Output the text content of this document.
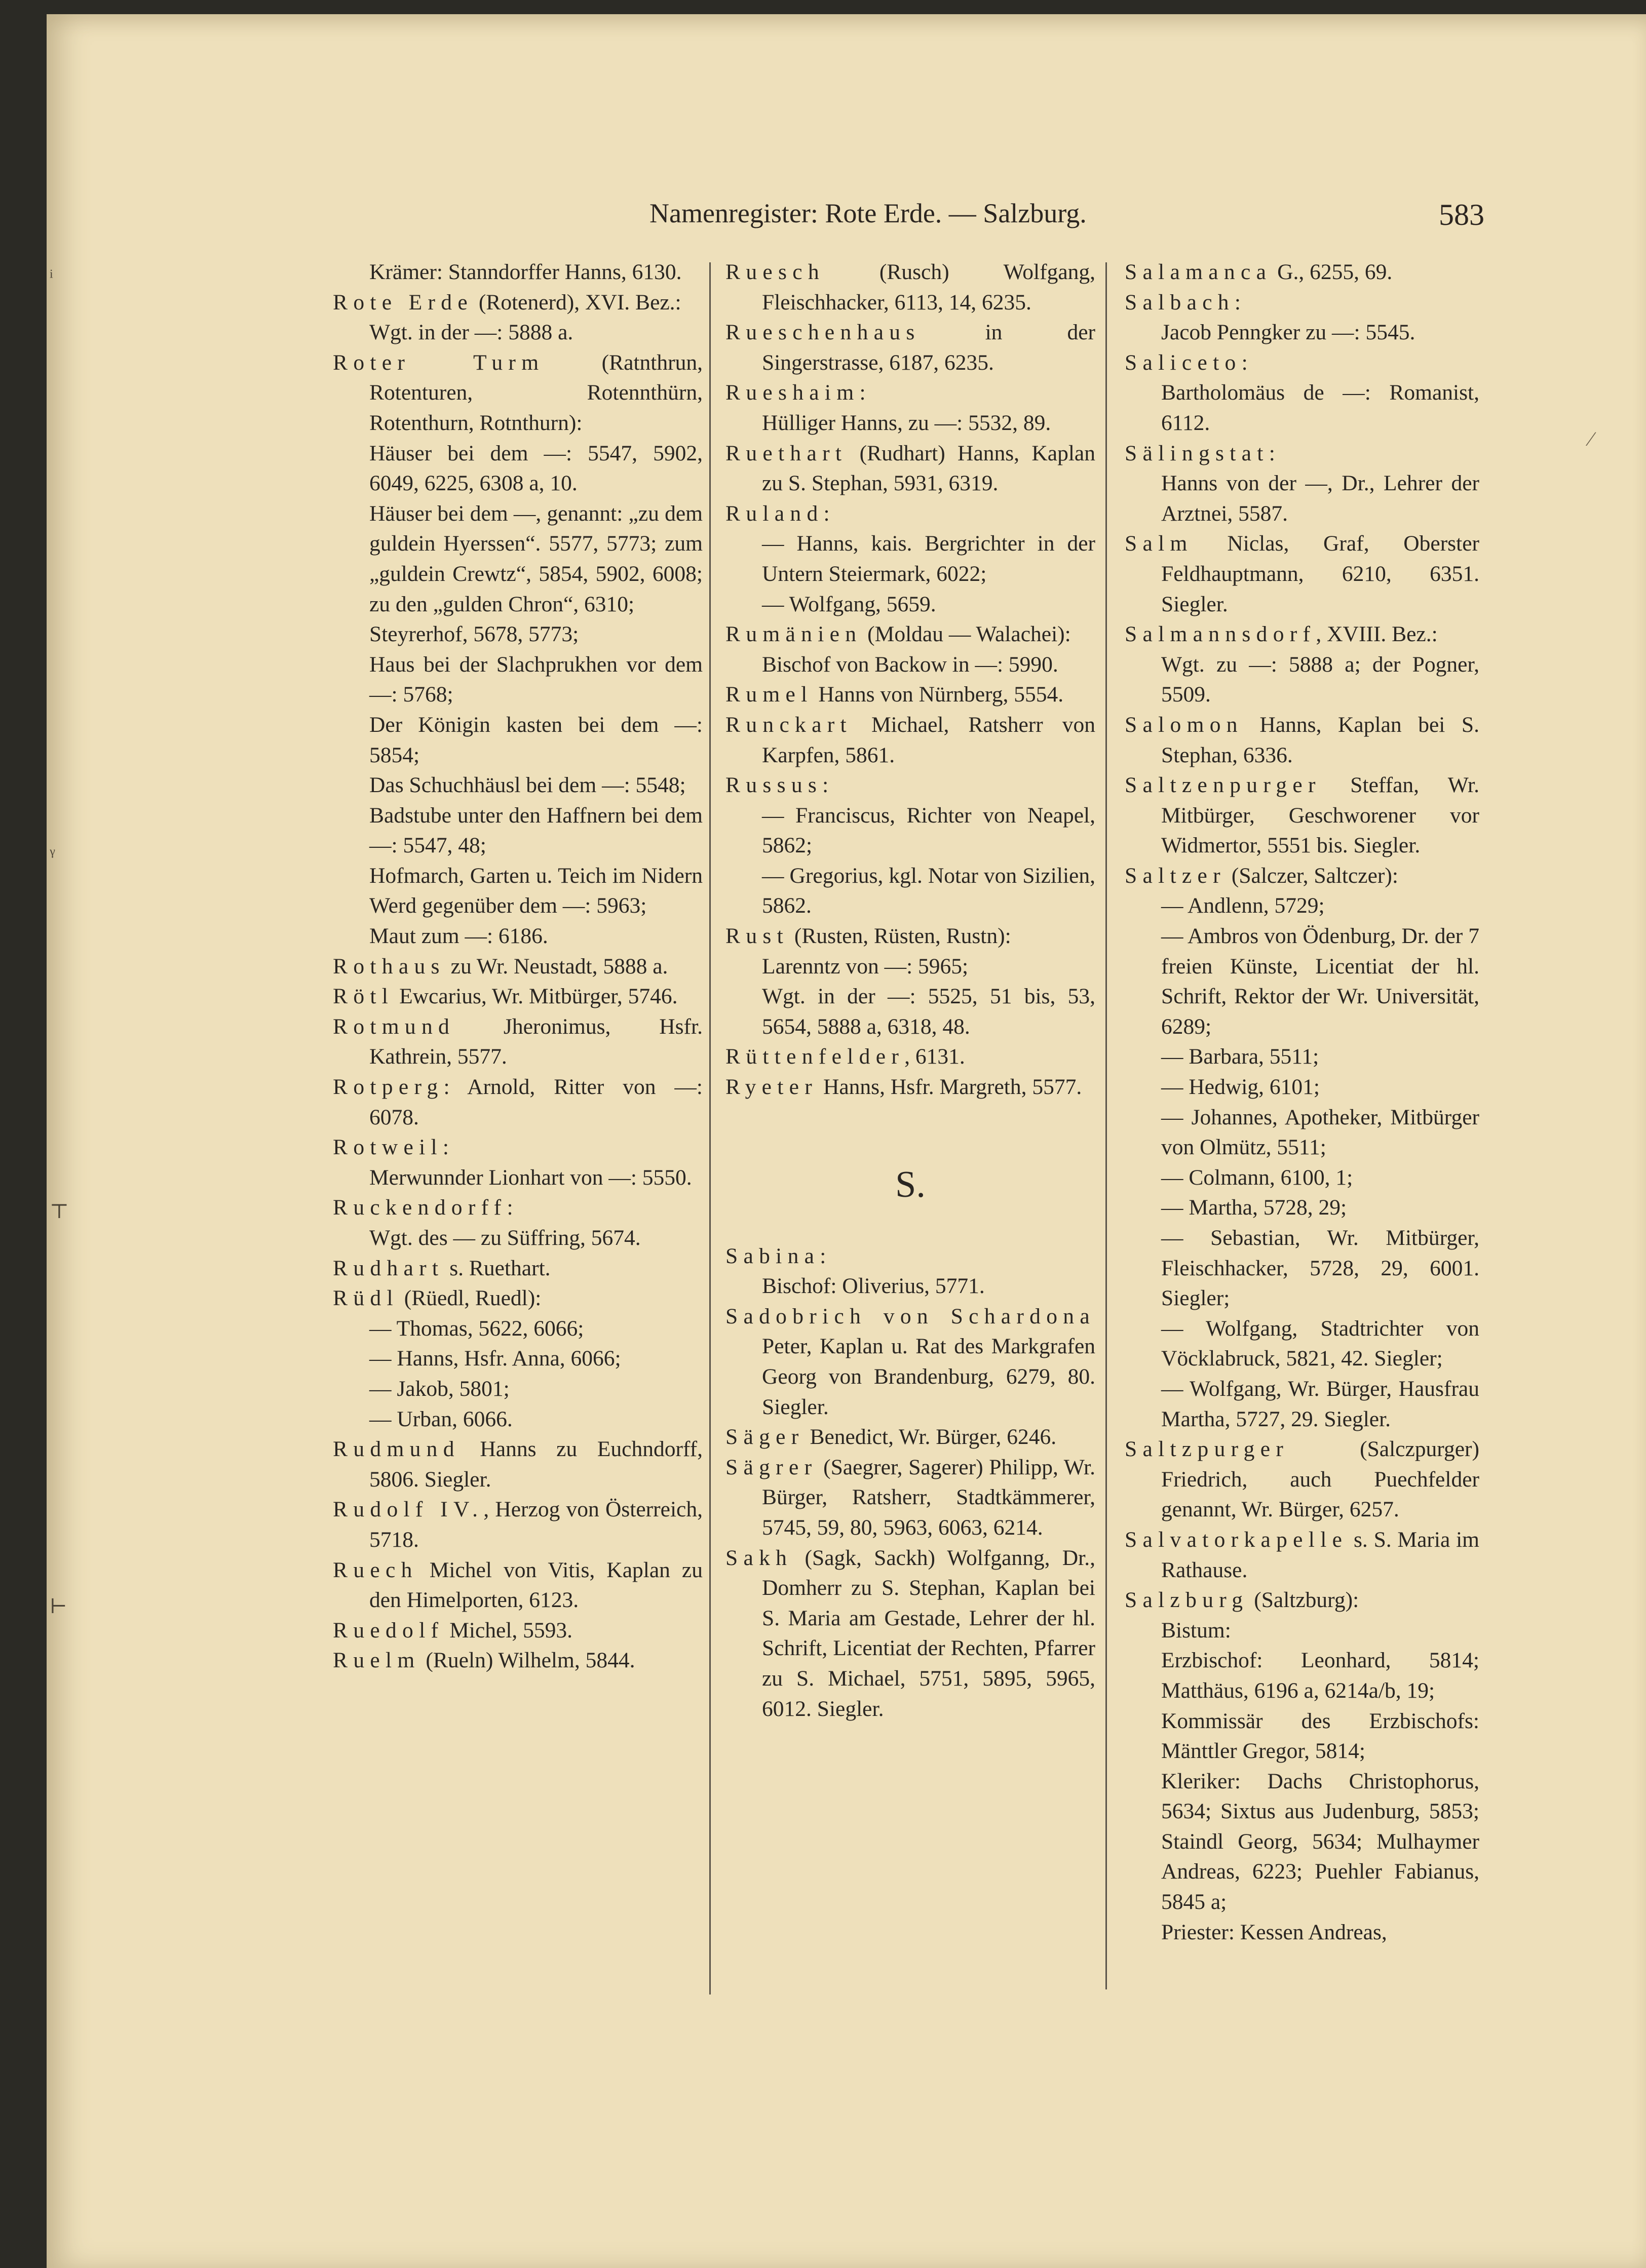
Namenregister: Rote Erde. — Salzburg.	583

Krämer: Stanndorffer Hanns, 6130.

Rote Erde (Rotenerd), XVI. Bez.:

Wgt. in der —: 5888 a.

Roter Turm (Ratnthrun, Rotenturen, Rotennthürn, Rotenthurn, Rotnthurn):

Häuser bei dem —: 5547, 5902, 6049, 6225, 6308 a, 10.

Häuser bei dem —, genannt: „zu dem guldein Hyerssen“. 5577, 5773; zum „guldein Crewtz“, 5854, 5902, 6008; zu den „gulden Chron“, 6310;

Steyrerhof, 5678, 5773;

Haus bei der Slachprukhen vor dem —: 5768;

Der Königin kasten bei dem —: 5854;

Das Schuchhäusl bei dem —: 5548;

Badstube unter den Haffnern bei dem —: 5547, 48;

Hofmarch, Garten u. Teich im Nidern Werd gegenüber dem —: 5963;

Maut zum —: 6186.

Rothaus zu Wr. Neustadt, 5888 a.

Rötl Ewcarius, Wr. Mitbürger, 5746.

Rotmund Jheronimus, Hsfr. Kathrein, 5577.

Rotperg: Arnold, Ritter von —: 6078.

Rotweil:

Merwunnder Lionhart von —: 5550.

Ruckendorff:

Wgt. des — zu Süffring, 5674.

Rudhart s. Ruethart.

Rüdl (Rüedl, Ruedl):

— Thomas, 5622, 6066;

— Hanns, Hsfr. Anna, 6066;

— Jakob, 5801;

— Urban, 6066.

Rudmund Hanns zu Euchndorff, 5806. Siegler.

Rudolf IV., Herzog von Österreich, 5718.

Ruech Michel von Vitis, Kaplan zu den Himelporten, 6123.

Ruedolf Michel, 5593.

Ruelm (Rueln) Wilhelm, 5844.

Ruesch (Rusch) Wolfgang, Fleischhacker, 6113, 14, 6235.

Rueschenhaus in der Singerstrasse, 6187, 6235.

Rueshaim:

Hülliger Hanns, zu —: 5532, 89.

Ruethart (Rudhart) Hanns, Kaplan zu S. Stephan, 5931, 6319.

Ruland:

— Hanns, kais. Bergrichter in der Untern Steiermark, 6022;

— Wolfgang, 5659.

Rumänien (Moldau — Walachei):

Bischof von Backow in —: 5990.

Rumel Hanns von Nürnberg, 5554.

Runckart Michael, Ratsherr von Karpfen, 5861.

Russus:

— Franciscus, Richter von Neapel, 5862;

— Gregorius, kgl. Notar von Sizilien, 5862.

Rust (Rusten, Rüsten, Rustn):

Larenntz von —: 5965;

Wgt. in der —: 5525, 51 bis, 53, 5654, 5888 a, 6318, 48.

Rüttenfelder, 6131.

Ryeter Hanns, Hsfr. Margreth, 5577.

S.

Sabina:

Bischof: Oliverius, 5771.

Sadobrich von Schardona Peter, Kaplan u. Rat des Markgrafen Georg von Brandenburg, 6279, 80. Siegler.

Säger Benedict, Wr. Bürger, 6246.

Sägrer (Saegrer, Sagerer) Philipp, Wr. Bürger, Ratsherr, Stadtkämmerer, 5745, 59, 80, 5963, 6063, 6214.

Sakh (Sagk, Sackh) Wolfganng, Dr., Domherr zu S. Stephan, Kaplan bei S. Maria am Gestade, Lehrer der hl. Schrift, Licentiat der Rechten, Pfarrer zu S. Michael, 5751, 5895, 5965, 6012. Siegler.

Salamanca G., 6255, 69.

Salbach:

Jacob Penngker zu —: 5545.

Saliceto:

Bartholomäus de —: Romanist, 6112.

Sälingstat:

Hanns von der —, Dr., Lehrer der Arztnei, 5587.

Salm Niclas, Graf, Oberster Feldhauptmann, 6210, 6351. Siegler.

Salmannsdorf, XVIII. Bez.:

Wgt. zu —: 5888 a; der Pogner, 5509.

Salomon Hanns, Kaplan bei S. Stephan, 6336.

Saltzenpurger Steffan, Wr. Mitbürger, Geschworener vor Widmertor, 5551 bis. Siegler.

Saltzer (Salczer, Saltczer):

— Andlenn, 5729;

— Ambros von Ödenburg, Dr. der 7 freien Künste, Licentiat der hl. Schrift, Rektor der Wr. Universität, 6289;

— Barbara, 5511;

— Hedwig, 6101;

— Johannes, Apotheker, Mitbürger von Olmütz, 5511;

— Colmann, 6100, 1;

— Martha, 5728, 29;

— Sebastian, Wr. Mitbürger, Fleischhacker, 5728, 29, 6001. Siegler;

— Wolfgang, Stadtrichter von Vöcklabruck, 5821, 42. Siegler;

— Wolfgang, Wr. Bürger, Hausfrau Martha, 5727, 29. Siegler.

Saltzpurger (Salczpurger) Friedrich, auch Puechfelder genannt, Wr. Bürger, 6257.

Salvatorkapelle s. S. Maria im Rathause.

Salzburg (Saltzburg):

Bistum:

Erzbischof: Leonhard, 5814; Matthäus, 6196 a, 6214a/b, 19;

Kommissär des Erzbischofs: Mänttler Gregor, 5814;

Kleriker: Dachs Christophorus, 5634; Sixtus aus Judenburg, 5853; Staindl Georg, 5634; Mulhaymer Andreas, 6223; Puehler Fabianus, 5845 a;

Priester: Kessen Andreas,

ᵢ
ᵧ
⊤
⊢
⁄
